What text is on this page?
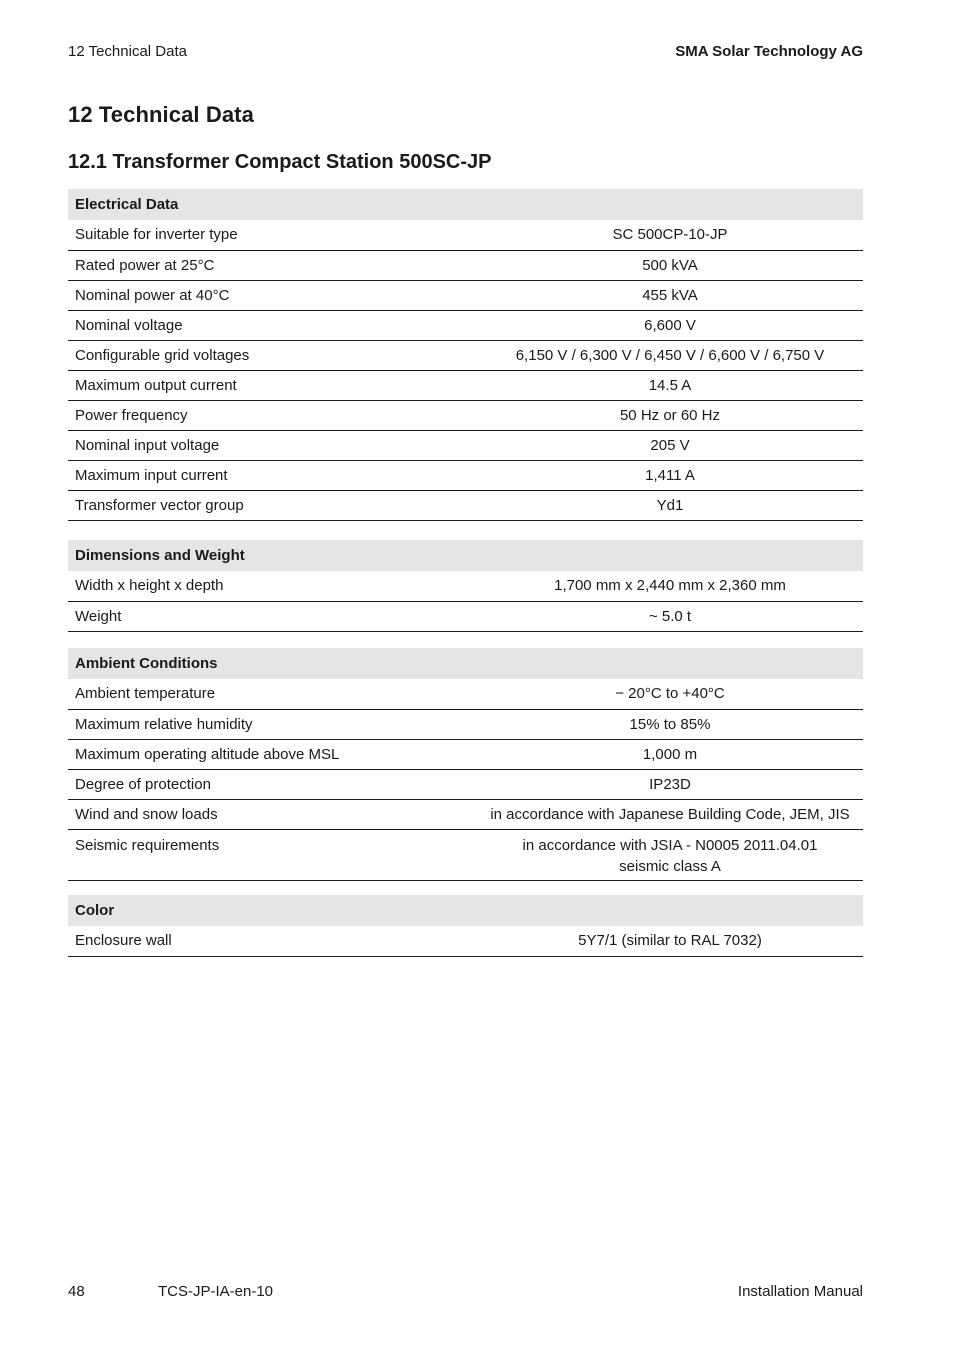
12 Technical Data	SMA Solar Technology AG
12 Technical Data
12.1 Transformer Compact Station 500SC-JP
Electrical Data	
Suitable for inverter type	SC 500CP-10-JP
Rated power at 25°C	500 kVA
Nominal power at 40°C	455 kVA
Nominal voltage	6,600 V
Configurable grid voltages	6,150 V / 6,300 V / 6,450 V / 6,600 V / 6,750 V
Maximum output current	14.5 A
Power frequency	50 Hz or 60 Hz
Nominal input voltage	205 V
Maximum input current	1,411 A
Transformer vector group	Yd1
Dimensions and Weight	
Width x height x depth	1,700 mm x 2,440 mm x 2,360 mm
Weight	~ 5.0 t
Ambient Conditions	
Ambient temperature	− 20°C to +40°C
Maximum relative humidity	15% to 85%
Maximum operating altitude above MSL	1,000 m
Degree of protection	IP23D
Wind and snow loads	in accordance with Japanese Building Code, JEM, JIS
Seismic requirements	in accordance with JSIA - N0005 2011.04.01
seismic class A
Color
Enclosure wall	5Y7/1 (similar to RAL 7032)
48	TCS-JP-IA-en-10	Installation Manual
